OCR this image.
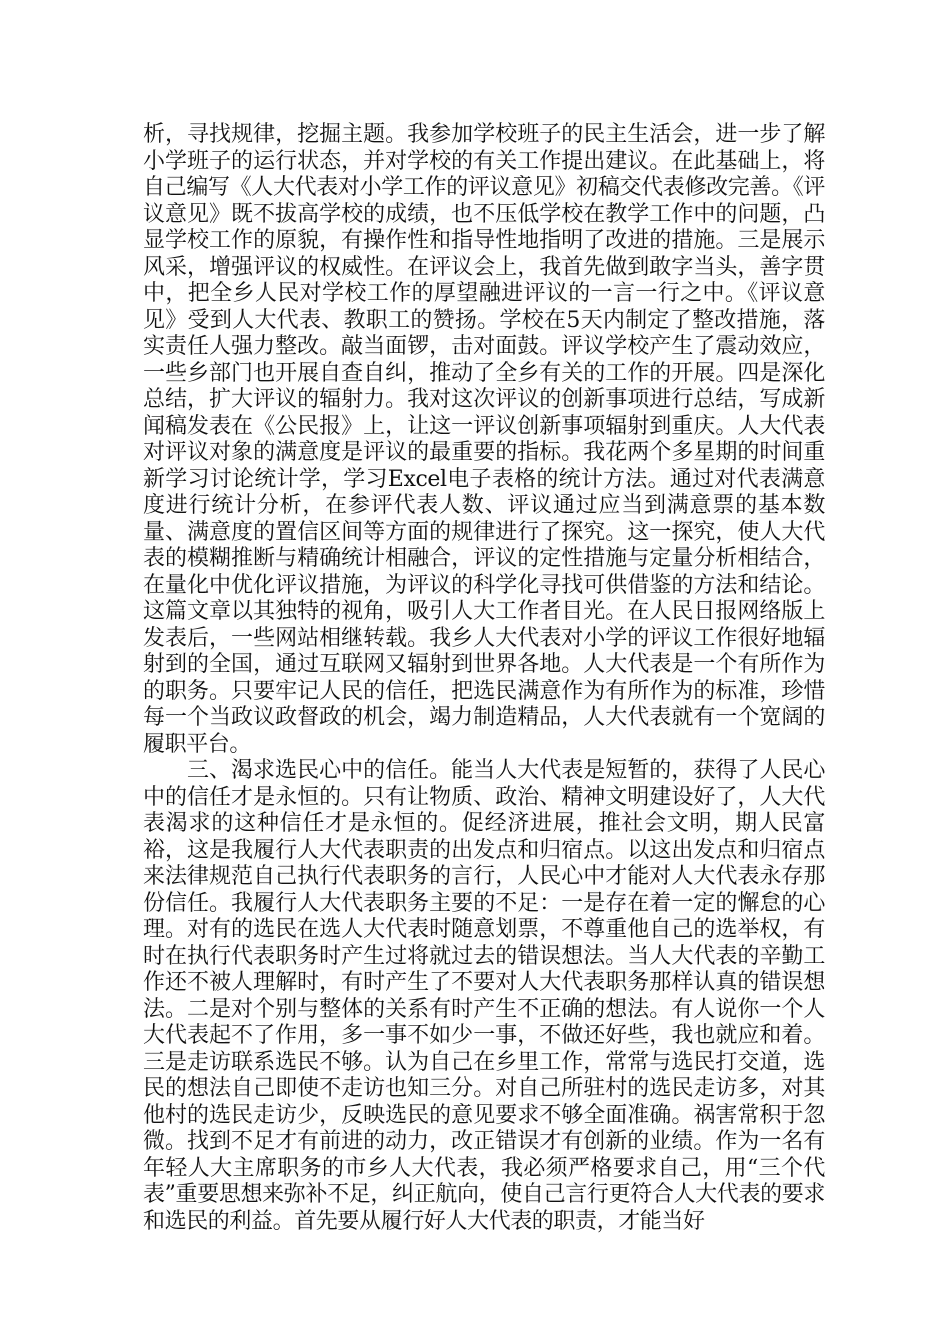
析，寻找规律，挖掘主题。我参加学校班子的民主生活会，进一步了解小学班子的运行状态，并对学校的有关工作提出建议。在此基础上，将自己编写《人大代表对小学工作的评议意见》初稿交代表修改完善。《评议意见》既不拔高学校的成绩，也不压低学校在教学工作中的问题，凸显学校工作的原貌，有操作性和指导性地指明了改进的措施。三是展示风采，增强评议的权威性。在评议会上，我首先做到敢字当头，善字贯中，把全乡人民对学校工作的厚望融进评议的一言一行之中。《评议意见》受到人大代表、教职工的赞扬。学校在5天内制定了整改措施，落实责任人强力整改。敲当面锣，击对面鼓。评议学校产生了震动效应，一些乡部门也开展自查自纠，推动了全乡有关的工作的开展。四是深化总结，扩大评议的辐射力。我对这次评议的创新事项进行总结，写成新闻稿发表在《公民报》上，让这一评议创新事项辐射到重庆。人大代表对评议对象的满意度是评议的最重要的指标。我花两个多星期的时间重新学习讨论统计学，学习Excel电子表格的统计方法。通过对代表满意度进行统计分析，在参评代表人数、评议通过应当到满意票的基本数量、满意度的置信区间等方面的规律进行了探究。这一探究，使人大代表的模糊推断与精确统计相融合，评议的定性措施与定量分析相结合，在量化中优化评议措施，为评议的科学化寻找可供借鉴的方法和结论。这篇文章以其独特的视角，吸引人大工作者目光。在人民日报网络版上发表后，一些网站相继转载。我乡人大代表对小学的评议工作很好地辐射到的全国，通过互联网又辐射到世界各地。人大代表是一个有所作为的职务。只要牢记人民的信任，把选民满意作为有所作为的标准，珍惜每一个当政议政督政的机会，竭力制造精品，人大代表就有一个宽阔的履职平台。

三、渴求选民心中的信任。能当人大代表是短暂的，获得了人民心中的信任才是永恒的。只有让物质、政治、精神文明建设好了，人大代表渴求的这种信任才是永恒的。促经济进展，推社会文明，期人民富裕，这是我履行人大代表职责的出发点和归宿点。以这出发点和归宿点来法律规范自己执行代表职务的言行，人民心中才能对人大代表永存那份信任。我履行人大代表职务主要的不足：一是存在着一定的懈怠的心理。对有的选民在选人大代表时随意划票，不尊重他自己的选举权，有时在执行代表职务时产生过将就过去的错误想法。当人大代表的辛勤工作还不被人理解时，有时产生了不要对人大代表职务那样认真的错误想法。二是对个别与整体的关系有时产生不正确的想法。有人说你一个人大代表起不了作用，多一事不如少一事，不做还好些，我也就应和着。三是走访联系选民不够。认为自己在乡里工作，常常与选民打交道，选民的想法自己即使不走访也知三分。对自己所驻村的选民走访多，对其他村的选民走访少，反映选民的意见要求不够全面准确。祸害常积于忽微。找到不足才有前进的动力，改正错误才有创新的业绩。作为一名有年轻人大主席职务的市乡人大代表，我必须严格要求自己，用“三个代表”重要思想来弥补不足，纠正航向，使自己言行更符合人大代表的要求和选民的利益。首先要从履行好人大代表的职责，才能当好
